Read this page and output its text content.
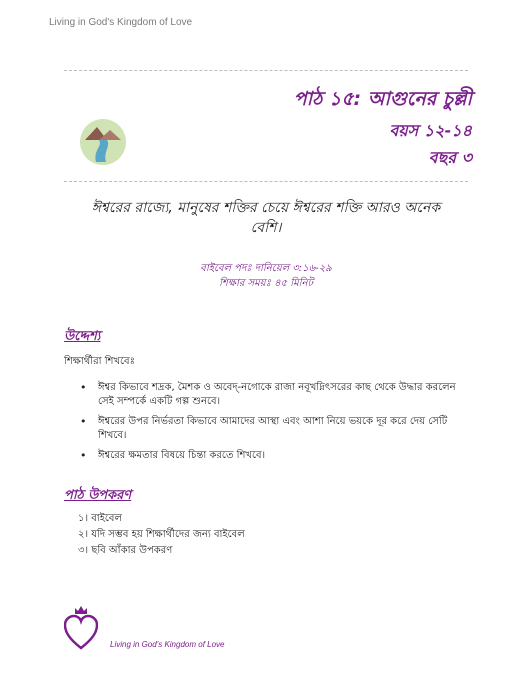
Living in God's Kingdom of Love
পাঠ ১৫: আগুনের চুল্লী
বয়স ১২-১৪
বছর ৩
ঈশ্বরের রাজ্যে, মানুষের শক্তির চেয়ে ঈশ্বরের শক্তি আরও অনেক বেশি।
বাইবেল পদঃ দানিয়েল ৩:১৬-২৯
শিক্ষার সময়ঃ ৪৫ মিনিট
উদ্দেশ্য
শিক্ষার্থীরা শিখবেঃ
• ঈশ্বর কিভাবে শদ্রক, মৈশক ও অবেদ্-নগোকে রাজা নবূখদ্নিৎসরের কাছ থেকে উদ্ধার করলেন সেই সম্পর্কে একটি গল্প শুনবে।
• ঈশ্বরের উপর নির্ভরতা কিভাবে আমাদের আস্থা এবং আশা নিয়ে ভয়কে দূর করে দেয় সেটি শিখবে।
• ঈশ্বরের ক্ষমতার বিষয়ে চিন্তা করতে শিখবে।
পাঠ উপকরণ
১। বাইবেল
২। যদি সম্ভব হয় শিক্ষার্থীদের জন্য বাইবেল
৩। ছবি আঁকার উপকরণ
Living in God's Kingdom of Love
